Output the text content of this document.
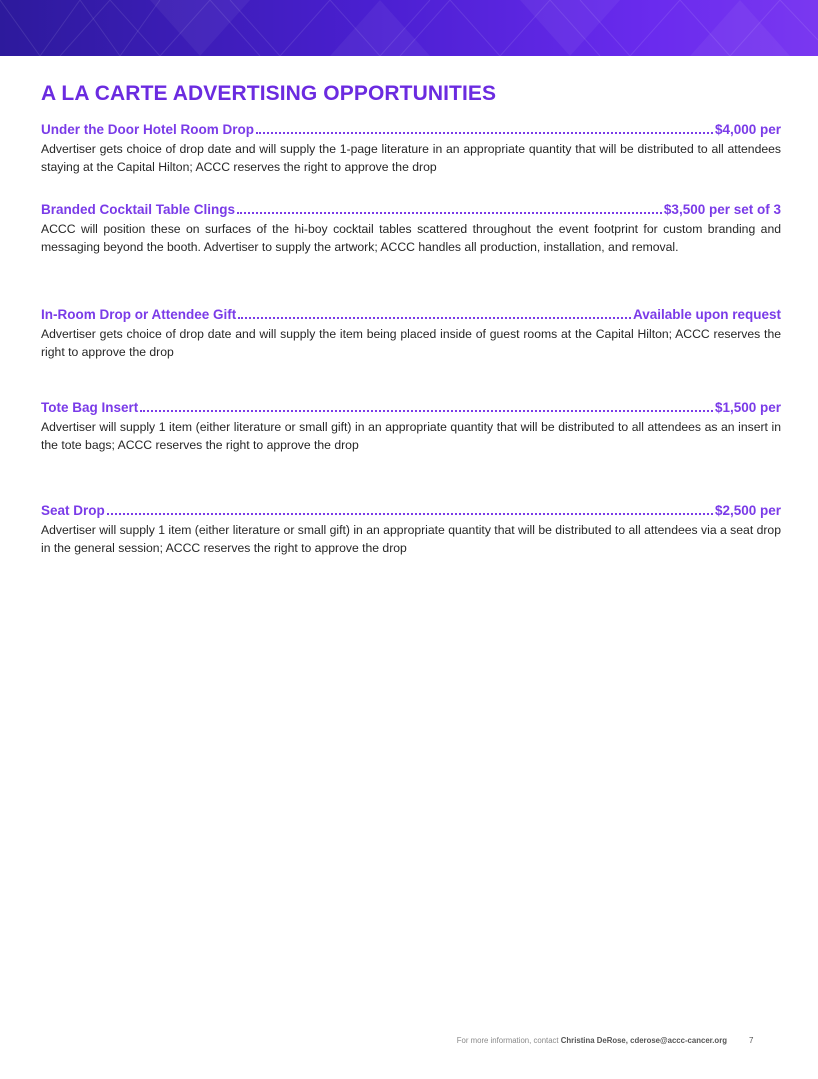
A LA CARTE ADVERTISING OPPORTUNITIES
Under the Door Hotel Room Drop	$4,000 per
Advertiser gets choice of drop date and will supply the 1-page literature in an appropriate quantity that will be distributed to all attendees staying at the Capital Hilton; ACCC reserves the right to approve the drop
Branded Cocktail Table Clings	$3,500 per set of 3
ACCC will position these on surfaces of the hi-boy cocktail tables scattered throughout the event footprint for custom branding and messaging beyond the booth. Advertiser to supply the artwork; ACCC handles all production, installation, and removal.
In-Room Drop or Attendee Gift	Available upon request
Advertiser gets choice of drop date and will supply the item being placed inside of guest rooms at the Capital Hilton; ACCC reserves the right to approve the drop
Tote Bag Insert	$1,500 per
Advertiser will supply 1 item (either literature or small gift) in an appropriate quantity that will be distributed to all attendees as an insert in the tote bags; ACCC reserves the right to approve the drop
Seat Drop	$2,500 per
Advertiser will supply 1 item (either literature or small gift) in an appropriate quantity that will be distributed to all attendees via a seat drop in the general session; ACCC reserves the right to approve the drop
For more information, contact Christina DeRose, cderose@accc-cancer.org	7
